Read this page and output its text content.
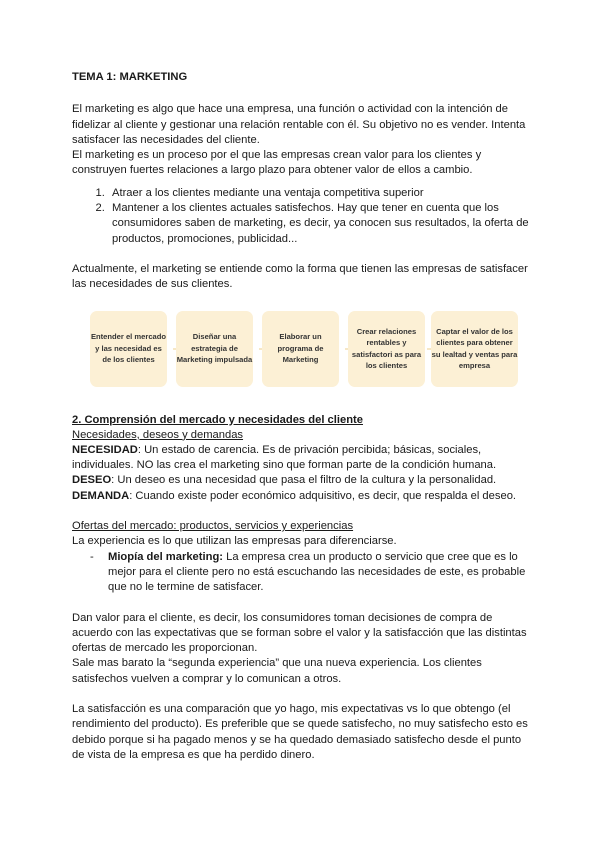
TEMA 1: MARKETING

El marketing es algo que hace una empresa, una función o actividad con la intención de fidelizar al cliente y gestionar una relación rentable con él. Su objetivo no es vender. Intenta satisfacer las necesidades del cliente.

El marketing es un proceso por el que las empresas crean valor para los clientes y construyen fuertes relaciones a largo plazo para obtener valor de ellos a cambio.

1. Atraer a los clientes mediante una ventaja competitiva superior
2. Mantener a los clientes actuales satisfechos. Hay que tener en cuenta que los consumidores saben de marketing, es decir, ya conocen sus resultados, la oferta de productos, promociones, publicidad...

Actualmente, el marketing se entiende como la forma que tienen las empresas de satisfacer las necesidades de sus clientes.

Entender el mercado y las necesidad es de los clientes
Diseñar una estrategia de Marketing impulsada
Elaborar un programa de Marketing
Crear relaciones rentables y satisfactori as para los clientes
Captar el valor de los clientes para obtener su lealtad y ventas para empresa
2. Comprensión del mercado y necesidades del cliente

Necesidades, deseos y demandas

NECESIDAD: Un estado de carencia. Es de privación percibida; básicas, sociales, individuales. NO las crea el marketing sino que forman parte de la condición humana.

DESEO: Un deseo es una necesidad que pasa el filtro de la cultura y la personalidad.

DEMANDA: Cuando existe poder económico adquisitivo, es decir, que respalda el deseo.

Ofertas del mercado: productos, servicios y experiencias

La experiencia es lo que utilizan las empresas para diferenciarse.

- Miopía del marketing: La empresa crea un producto o servicio que cree que es lo mejor para el cliente pero no está escuchando las necesidades de este, es probable que no le termine de satisfacer.

Dan valor para el cliente, es decir, los consumidores toman decisiones de compra de acuerdo con las expectativas que se forman sobre el valor y la satisfacción que las distintas ofertas de mercado les proporcionan.

Sale mas barato la “segunda experiencia” que una nueva experiencia. Los clientes satisfechos vuelven a comprar y lo comunican a otros.

La satisfacción es una comparación que yo hago, mis expectativas vs lo que obtengo (el rendimiento del producto). Es preferible que se quede satisfecho, no muy satisfecho esto es debido porque si ha pagado menos y se ha quedado demasiado satisfecho desde el punto de vista de la empresa es que ha perdido dinero.
